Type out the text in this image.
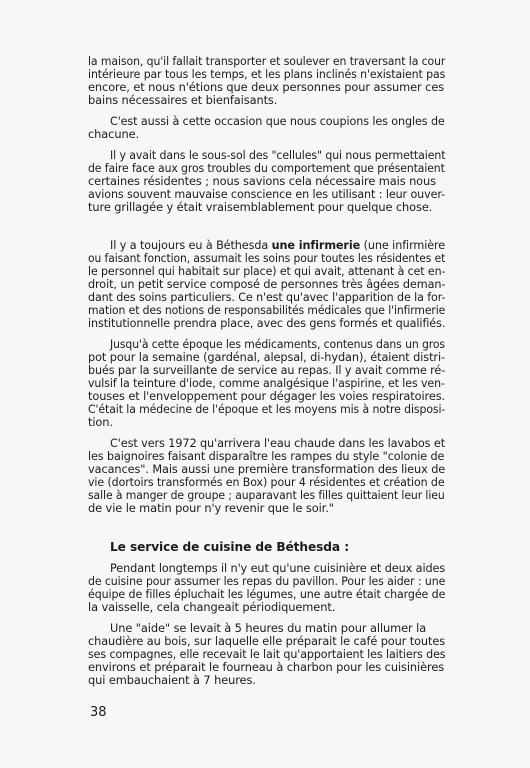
la maison, qu'il fallait transporter et soulever en traversant la cour
intérieure par tous les temps, et les plans inclinés n'existaient pas
encore, et nous n'étions que deux personnes pour assumer ces
bains nécessaires et bienfaisants.
C'est aussi à cette occasion que nous coupions les ongles de
chacune.
Il y avait dans le sous-sol des "cellules" qui nous permettaient
de faire face aux gros troubles du comportement que présentaient
certaines résidentes ; nous savions cela nécessaire mais nous
avions souvent mauvaise conscience en les utilisant : leur ouver-
ture grillagée y était vraisemblablement pour quelque chose.
Il y a toujours eu à Béthesda une infirmerie (une infirmière
ou faisant fonction, assumait les soins pour toutes les résidentes et
le personnel qui habitait sur place) et qui avait, attenant à cet en-
droit, un petit service composé de personnes très âgées deman-
dant des soins particuliers. Ce n'est qu'avec l'apparition de la for-
mation et des notions de responsabilités médicales que l'infirmerie
institutionnelle prendra place, avec des gens formés et qualifiés.
Jusqu'à cette époque les médicaments, contenus dans un gros
pot pour la semaine (gardénal, alepsal, di-hydan), étaient distri-
bués par la surveillante de service au repas. Il y avait comme ré-
vulsif la teinture d'iode, comme analgésique l'aspirine, et les ven-
touses et l'enveloppement pour dégager les voies respiratoires.
C'était la médecine de l'époque et les moyens mis à notre disposi-
tion.
C'est vers 1972 qu'arrivera l'eau chaude dans les lavabos et
les baignoires faisant disparaître les rampes du style "colonie de
vacances". Mais aussi une première transformation des lieux de
vie (dortoirs transformés en Box) pour 4 résidentes et création de
salle à manger de groupe ; auparavant les filles quittaient leur lieu
de vie le matin pour n'y revenir que le soir."
Le service de cuisine de Béthesda :
Pendant longtemps il n'y eut qu'une cuisinière et deux aides
de cuisine pour assumer les repas du pavillon. Pour les aider : une
équipe de filles épluchait les légumes, une autre était chargée de
la vaisselle, cela changeait périodiquement.
Une "aide" se levait à 5 heures du matin pour allumer la
chaudière au bois, sur laquelle elle préparait le café pour toutes
ses compagnes, elle recevait le lait qu'apportaient les laitiers des
environs et préparait le fourneau à charbon pour les cuisinières
qui embauchaient à 7 heures.
38
